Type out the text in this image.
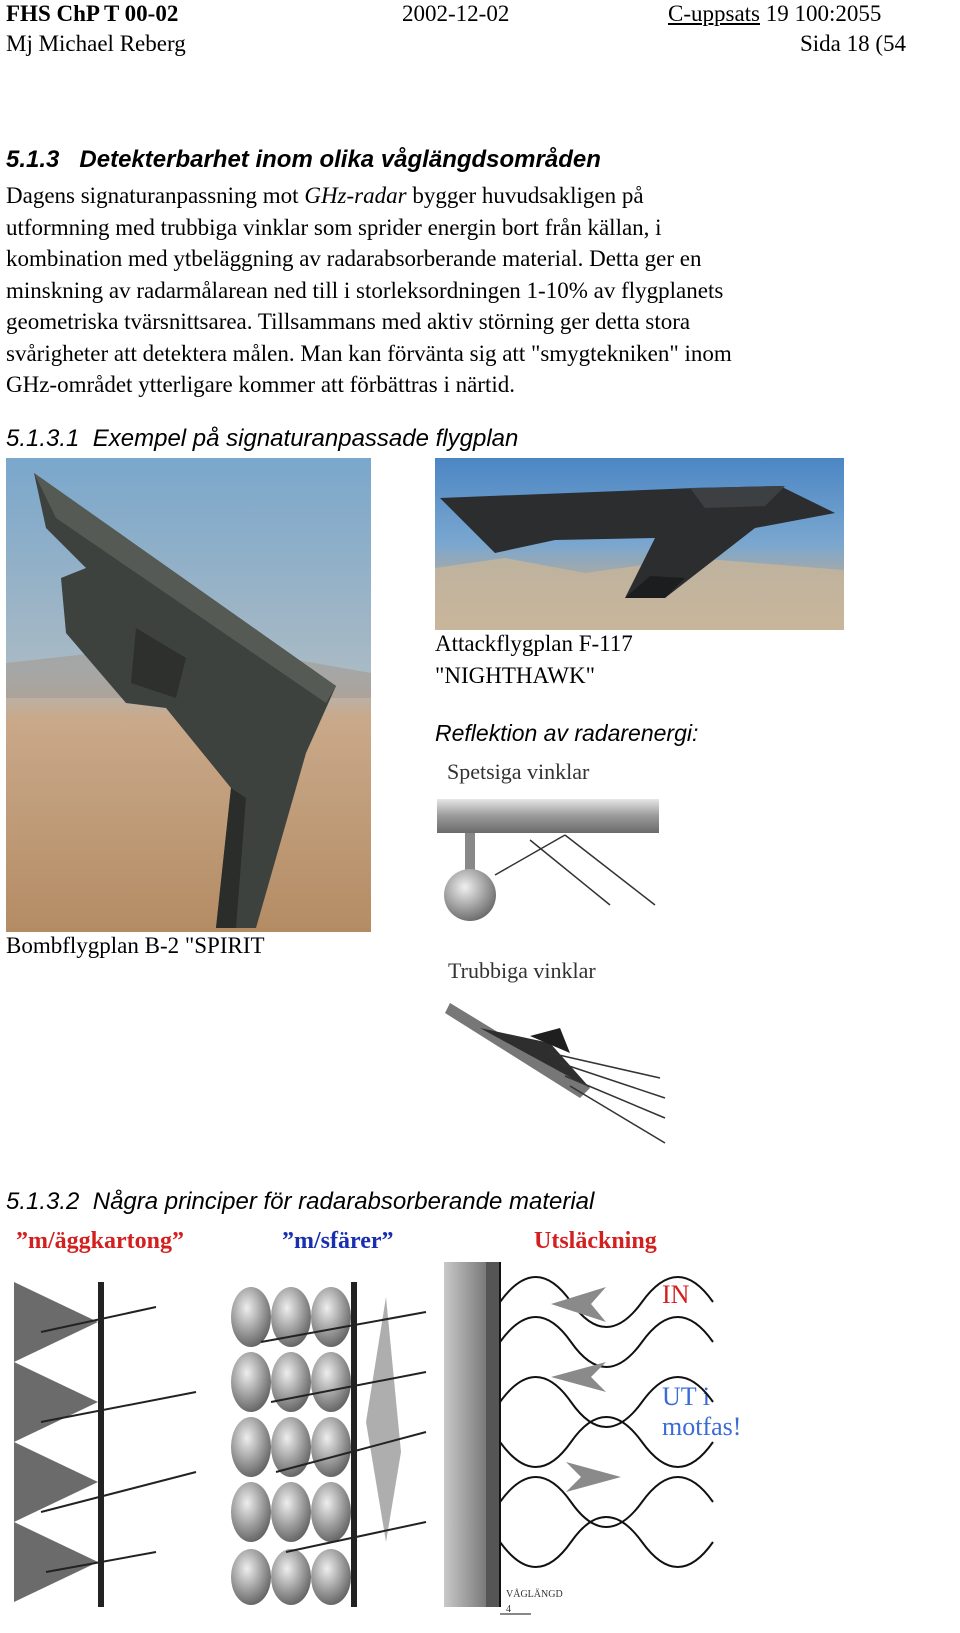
FHS ChP T 00-02	2002-12-02	C-uppsats 19 100:2055
Mj Michael Reberg	Sida 18 (54
5.1.3 Detekterbarhet inom olika våglängdsområden
Dagens signaturanpassning mot GHz-radar bygger huvudsakligen på
utformning med trubbiga vinklar som sprider energin bort från källan, i
kombination med ytbeläggning av radarabsorberande material. Detta ger en
minskning av radarmålarean ned till i storleksordningen 1-10% av flygplanets
geometriska tvärsnittsarea. Tillsammans med aktiv störning ger detta stora
svårigheter att detektera målen. Man kan förvänta sig att "smygtekniken" inom
GHz-området ytterligare kommer att förbättras i närtid.
5.1.3.1 Exempel på signaturanpassade flygplan
Bombflygplan B-2 "SPIRIT
Attackflygplan F-117
"NIGHTHAWK"
Reflektion av radarenergi:
Spetsiga vinklar
Trubbiga vinklar
5.1.3.2 Några principer för radarabsorberande material
”m/äggkartong”	”m/sfärer”	Utsläckning
IN
UT i
motfas!
VÅGLÄNGD
4
